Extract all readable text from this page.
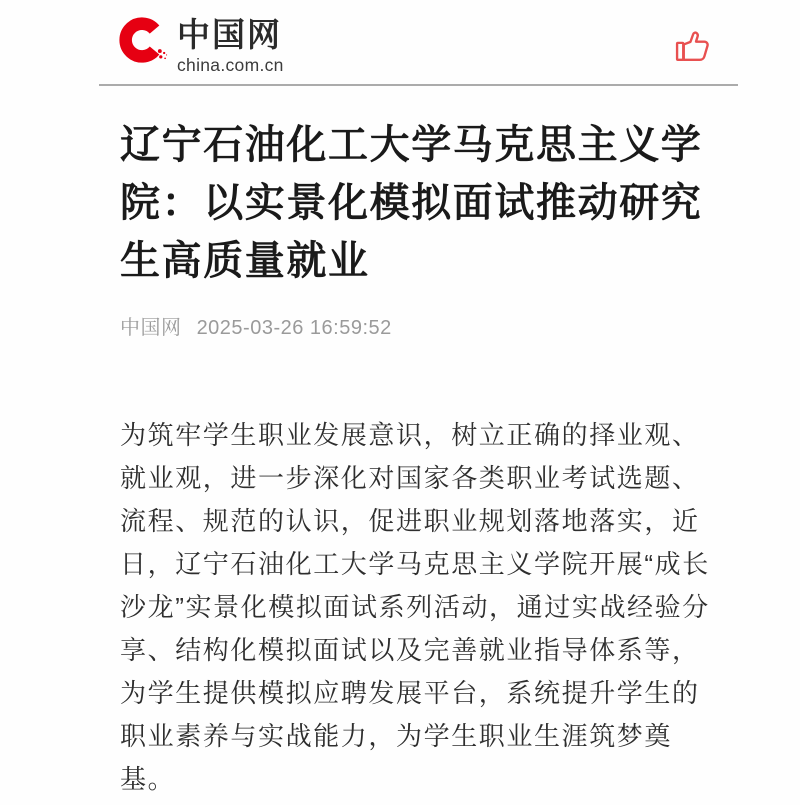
中国网
china.com.cn
辽宁石油化工大学马克思主义学院：以实景化模拟面试推动研究生高质量就业
中国网 2025-03-26 16:59:52

为筑牢学生职业发展意识，树立正确的择业观、就业观，进一步深化对国家各类职业考试选题、流程、规范的认识，促进职业规划落地落实，近日，辽宁石油化工大学马克思主义学院开展“成长沙龙”实景化模拟面试系列活动，通过实战经验分享、结构化模拟面试以及完善就业指导体系等，为学生提供模拟应聘发展平台，系统提升学生的职业素养与实战能力，为学生职业生涯筑梦奠基。
